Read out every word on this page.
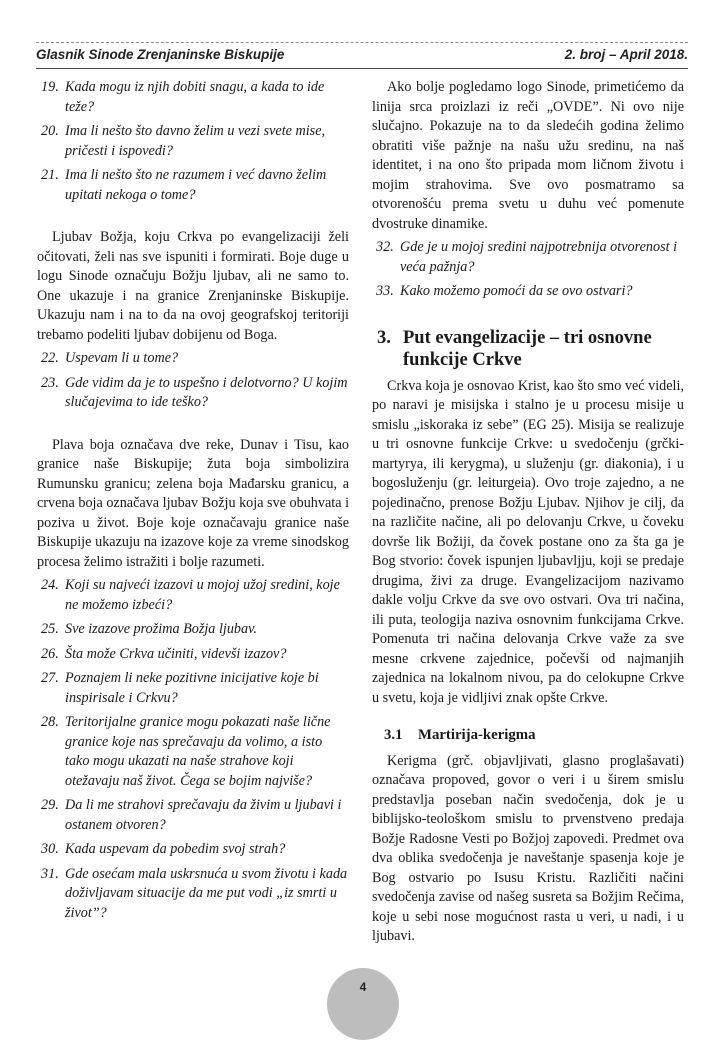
Glasnik Sinode Zrenjaninske Biskupije	2. broj – April 2018.
19. Kada mogu iz njih dobiti snagu, a kada to ide teže?
20. Ima li nešto što davno želim u vezi svete mise, pričesti i ispovedi?
21. Ima li nešto što ne razumem i već davno želim upitati nekoga o tome?

Ljubav Božja, koju Crkva po evangelizaciji želi očitovati, želi nas sve ispuniti i formirati. Boje duge u logu Sinode označuju Božju ljubav, ali ne samo to. One ukazuje i na granice Zrenjaninske Biskupije. Ukazuju nam i na to da na ovoj geografskoj teritoriji trebamo podeliti ljubav dobijenu od Boga.

22. Uspevam li u tome?
23. Gde vidim da je to uspešno i delotvorno? U kojim slučajevima to ide teško?

Plava boja označava dve reke, Dunav i Tisu, kao granice naše Biskupije; žuta boja simbolizira Rumunsku granicu; zelena boja Mađarsku granicu, a crvena boja označava ljubav Božju koja sve obuhvata i poziva u život. Boje koje označavaju granice naše Biskupije ukazuju na izazove koje za vreme sinodskog procesa želimo istražiti i bolje razumeti.

24. Koji su najveći izazovi u mojoj užoj sredini, koje ne možemo izbeći?
25. Sve izazove prožima Božja ljubav.
26. Šta može Crkva učiniti, videvši izazov?
27. Poznajem li neke pozitivne inicijative koje bi inspirisale i Crkvu?
28. Teritorijalne granice mogu pokazati naše lične granice koje nas sprečavaju da volimo, a isto tako mogu ukazati na naše strahove koji otežavaju naš život. Čega se bojim najviše?
29. Da li me strahovi sprečavaju da živim u ljubavi i ostanem otvoren?
30. Kada uspevam da pobedim svoj strah?
31. Gde osećam mala uskrsnuća u svom životu i kada doživljavam situacije da me put vodi „iz smrti u život”?

Ako bolje pogledamo logo Sinode, primetićemo da linija srca proizlazi iz reči „OVDE”. Ni ovo nije slučajno. Pokazuje na to da sledećih godina želimo obratiti više pažnje na našu užu sredinu, na naš identitet, i na ono što pripada mom ličnom životu i mojim strahovima. Sve ovo posmatramo sa otvorenošću prema svetu u duhu već pomenute dvostruke dinamike.

32. Gde je u mojoj sredini najpotrebnija otvorenost i veća pažnja?
33. Kako možemo pomoći da se ovo ostvari?
3. Put evangelizacije – tri osnovne funkcije Crkve

Crkva koja je osnovao Krist, kao što smo već videli, po naravi je misijska i stalno je u procesu misije u smislu „iskoraka iz sebe” (EG 25). Misija se realizuje u tri osnovne funkcije Crkve: u svedočenju (grčki-martyrya, ili kerygma), u služenju (gr. diakonia), i u bogosluženju (gr. leiturgeia). Ovo troje zajedno, a ne pojedinačno, prenose Božju Ljubav. Njihov je cilj, da na različite načine, ali po delovanju Crkve, u čoveku dovrše lik Božiji, da čovek postane ono za šta ga je Bog stvorio: čovek ispunjen ljubavljju, koji se predaje drugima, živi za druge. Evangelizacijom nazivamo dakle volju Crkve da sve ovo ostvari. Ova tri načina, ili puta, teologija naziva osnovnim funkcijama Crkve. Pomenuta tri načina delovanja Crkve važe za sve mesne crkvene zajednice, počevši od najmanjih zajednica na lokalnom nivou, pa do celokupne Crkve u svetu, koja je vidljivi znak opšte Crkve.

3.1	Martirija-kerigma

Kerigma (grč. objavljivati, glasno proglašavati) označava propoved, govor o veri i u širem smislu predstavlja poseban način svedočenja, dok je u biblijsko-teološkom smislu to prvenstveno predaja Božje Radosne Vesti po Božjoj zapovedi. Predmet ova dva oblika svedočenja je naveštanje spasenja koje je Bog ostvario po Isusu Kristu. Različiti načini svedočenja zavise od našeg susreta sa Božjim Rečima, koje u sebi nose mogućnost rasta u veri, u nadi, i u ljubavi.

4
